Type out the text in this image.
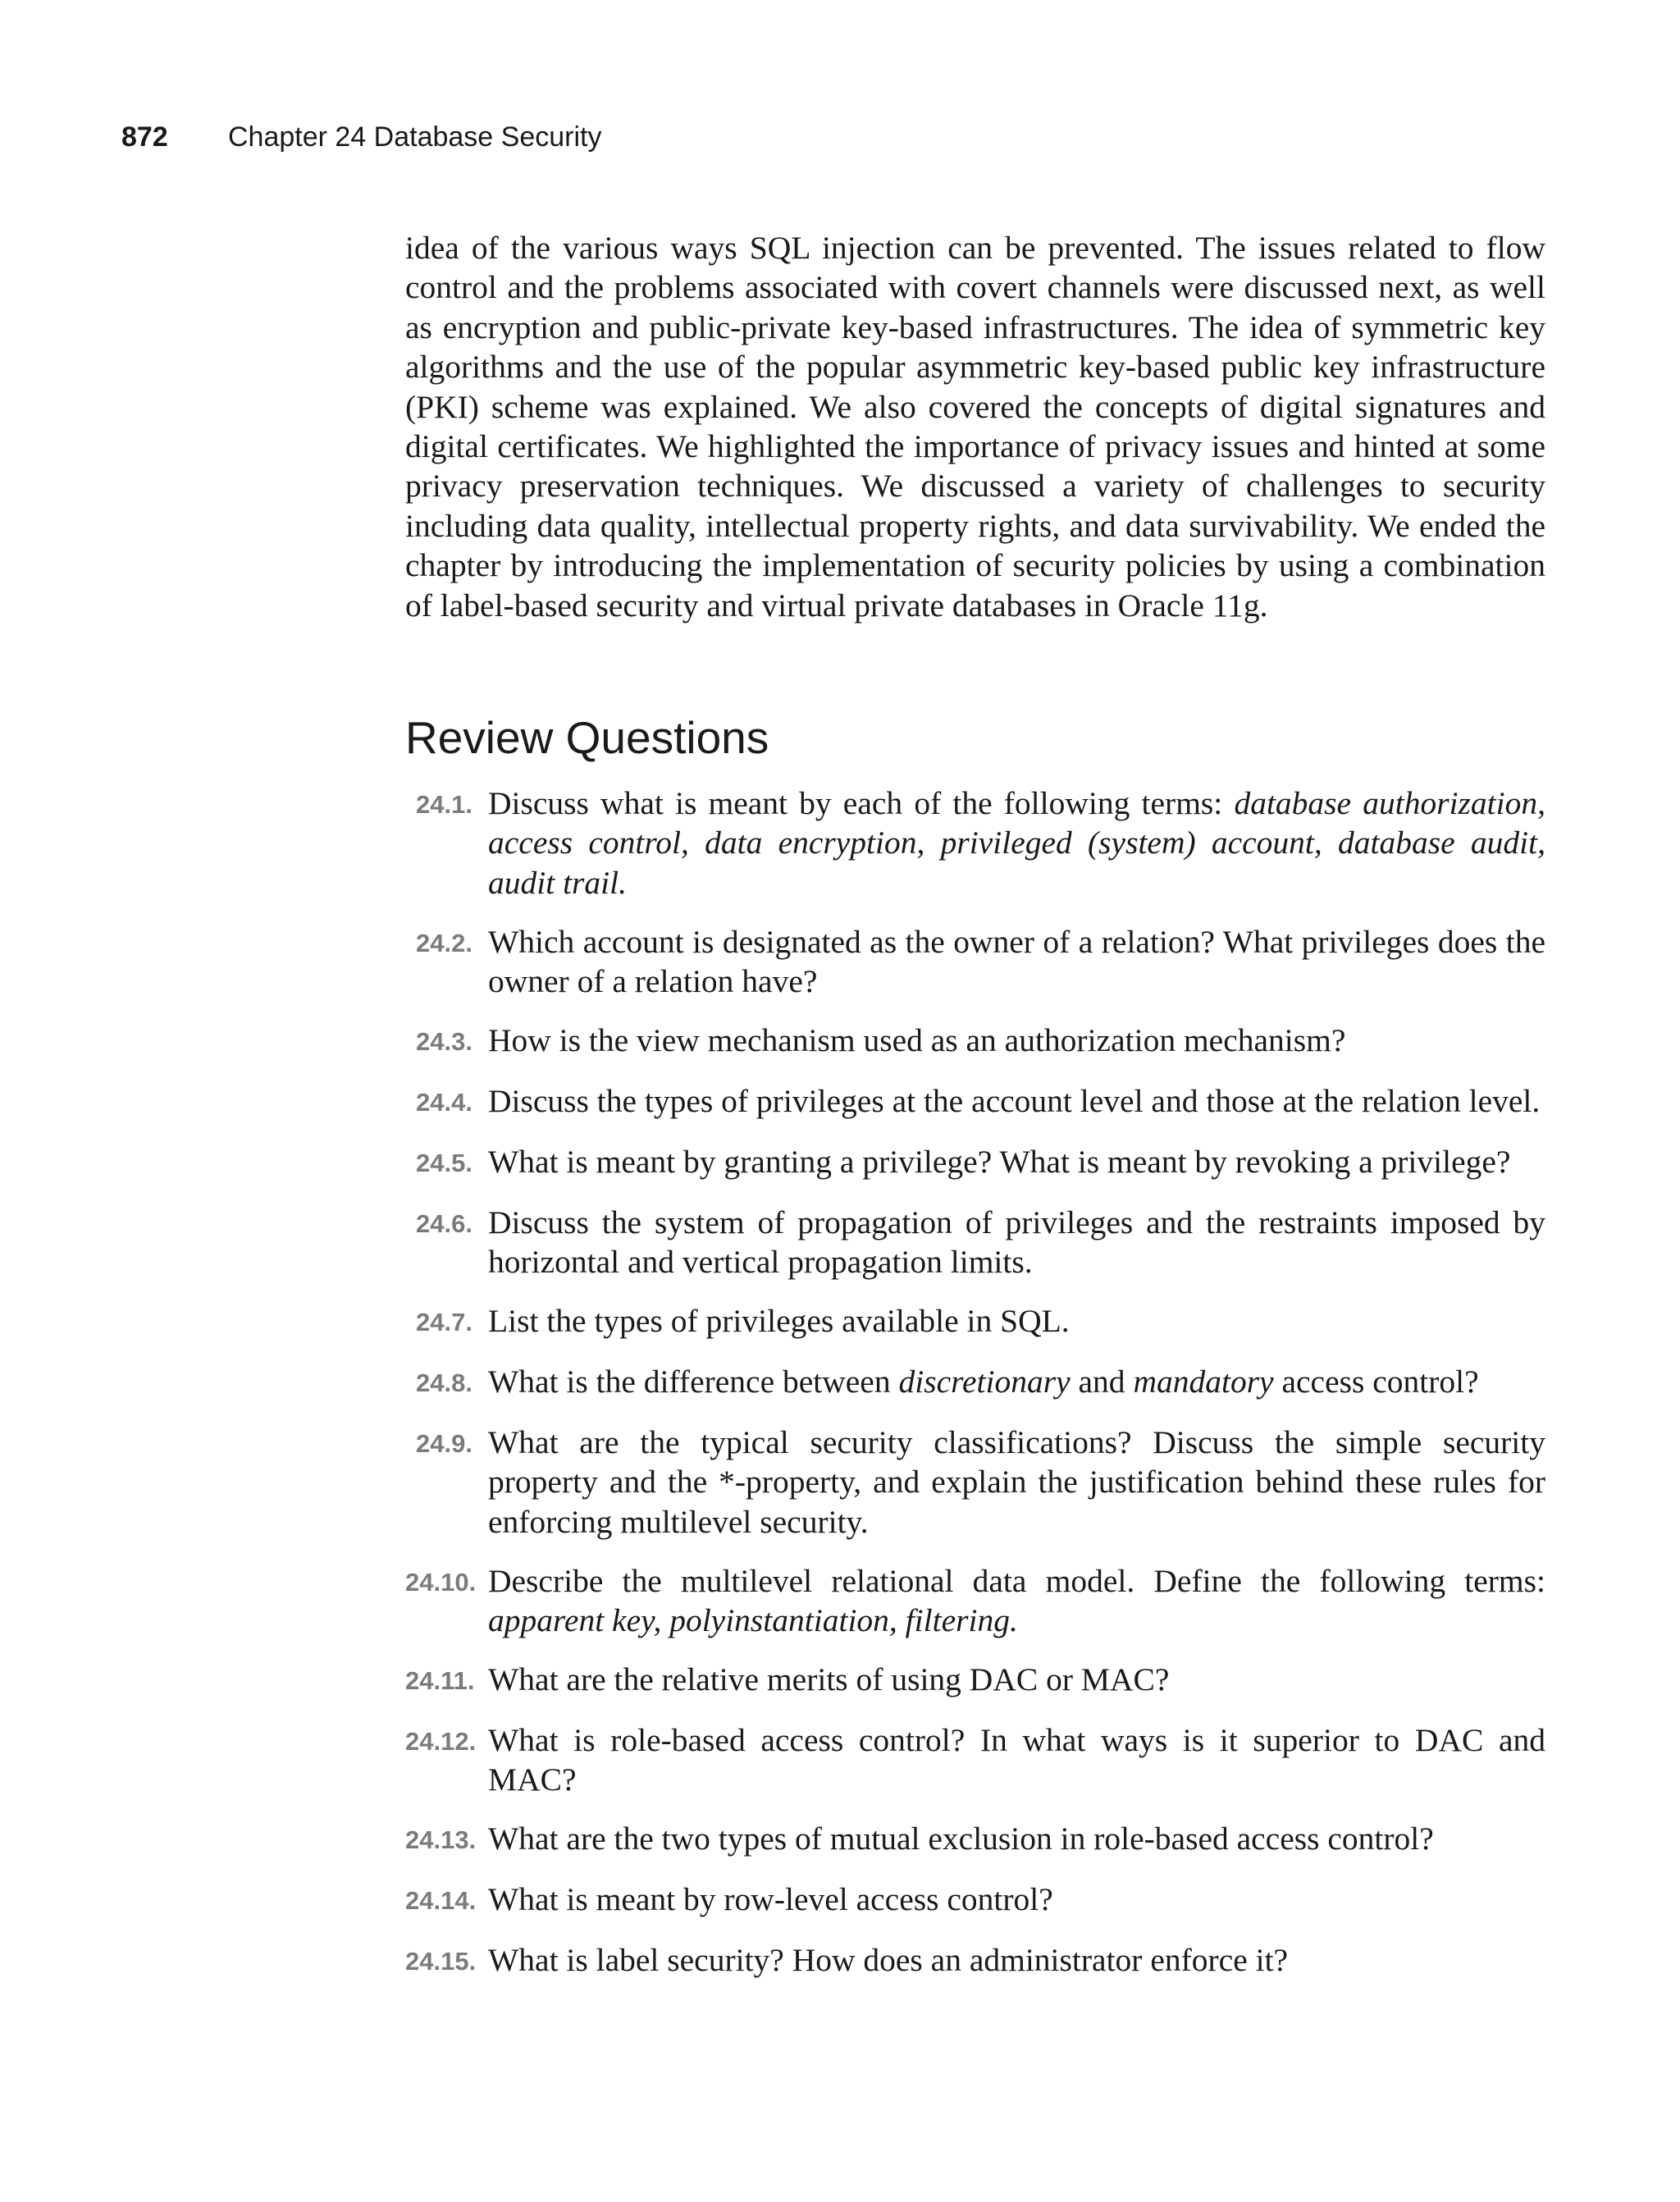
872 Chapter 24 Database Security

idea of the various ways SQL injection can be prevented. The issues related to flow control and the problems associated with covert channels were discussed next, as well as encryption and public-private key-based infrastructures. The idea of symmetric key algorithms and the use of the popular asymmetric key-based public key infrastructure (PKI) scheme was explained. We also covered the concepts of digital signatures and digital certificates. We highlighted the importance of privacy issues and hinted at some privacy preservation techniques. We discussed a variety of challenges to security including data quality, intellectual property rights, and data survivability. We ended the chapter by introducing the implementation of security policies by using a combination of label-based security and virtual private databases in Oracle 11g.

Review Questions
24.1. Discuss what is meant by each of the following terms: database authorization, access control, data encryption, privileged (system) account, database audit, audit trail.
24.2. Which account is designated as the owner of a relation? What privileges does the owner of a relation have?
24.3. How is the view mechanism used as an authorization mechanism?
24.4. Discuss the types of privileges at the account level and those at the relation level.
24.5. What is meant by granting a privilege? What is meant by revoking a privilege?
24.6. Discuss the system of propagation of privileges and the restraints imposed by horizontal and vertical propagation limits.
24.7. List the types of privileges available in SQL.
24.8. What is the difference between discretionary and mandatory access control?
24.9. What are the typical security classifications? Discuss the simple security property and the *-property, and explain the justification behind these rules for enforcing multilevel security.
24.10. Describe the multilevel relational data model. Define the following terms: apparent key, polyinstantiation, filtering.
24.11. What are the relative merits of using DAC or MAC?
24.12. What is role-based access control? In what ways is it superior to DAC and MAC?
24.13. What are the two types of mutual exclusion in role-based access control?
24.14. What is meant by row-level access control?
24.15. What is label security? How does an administrator enforce it?
